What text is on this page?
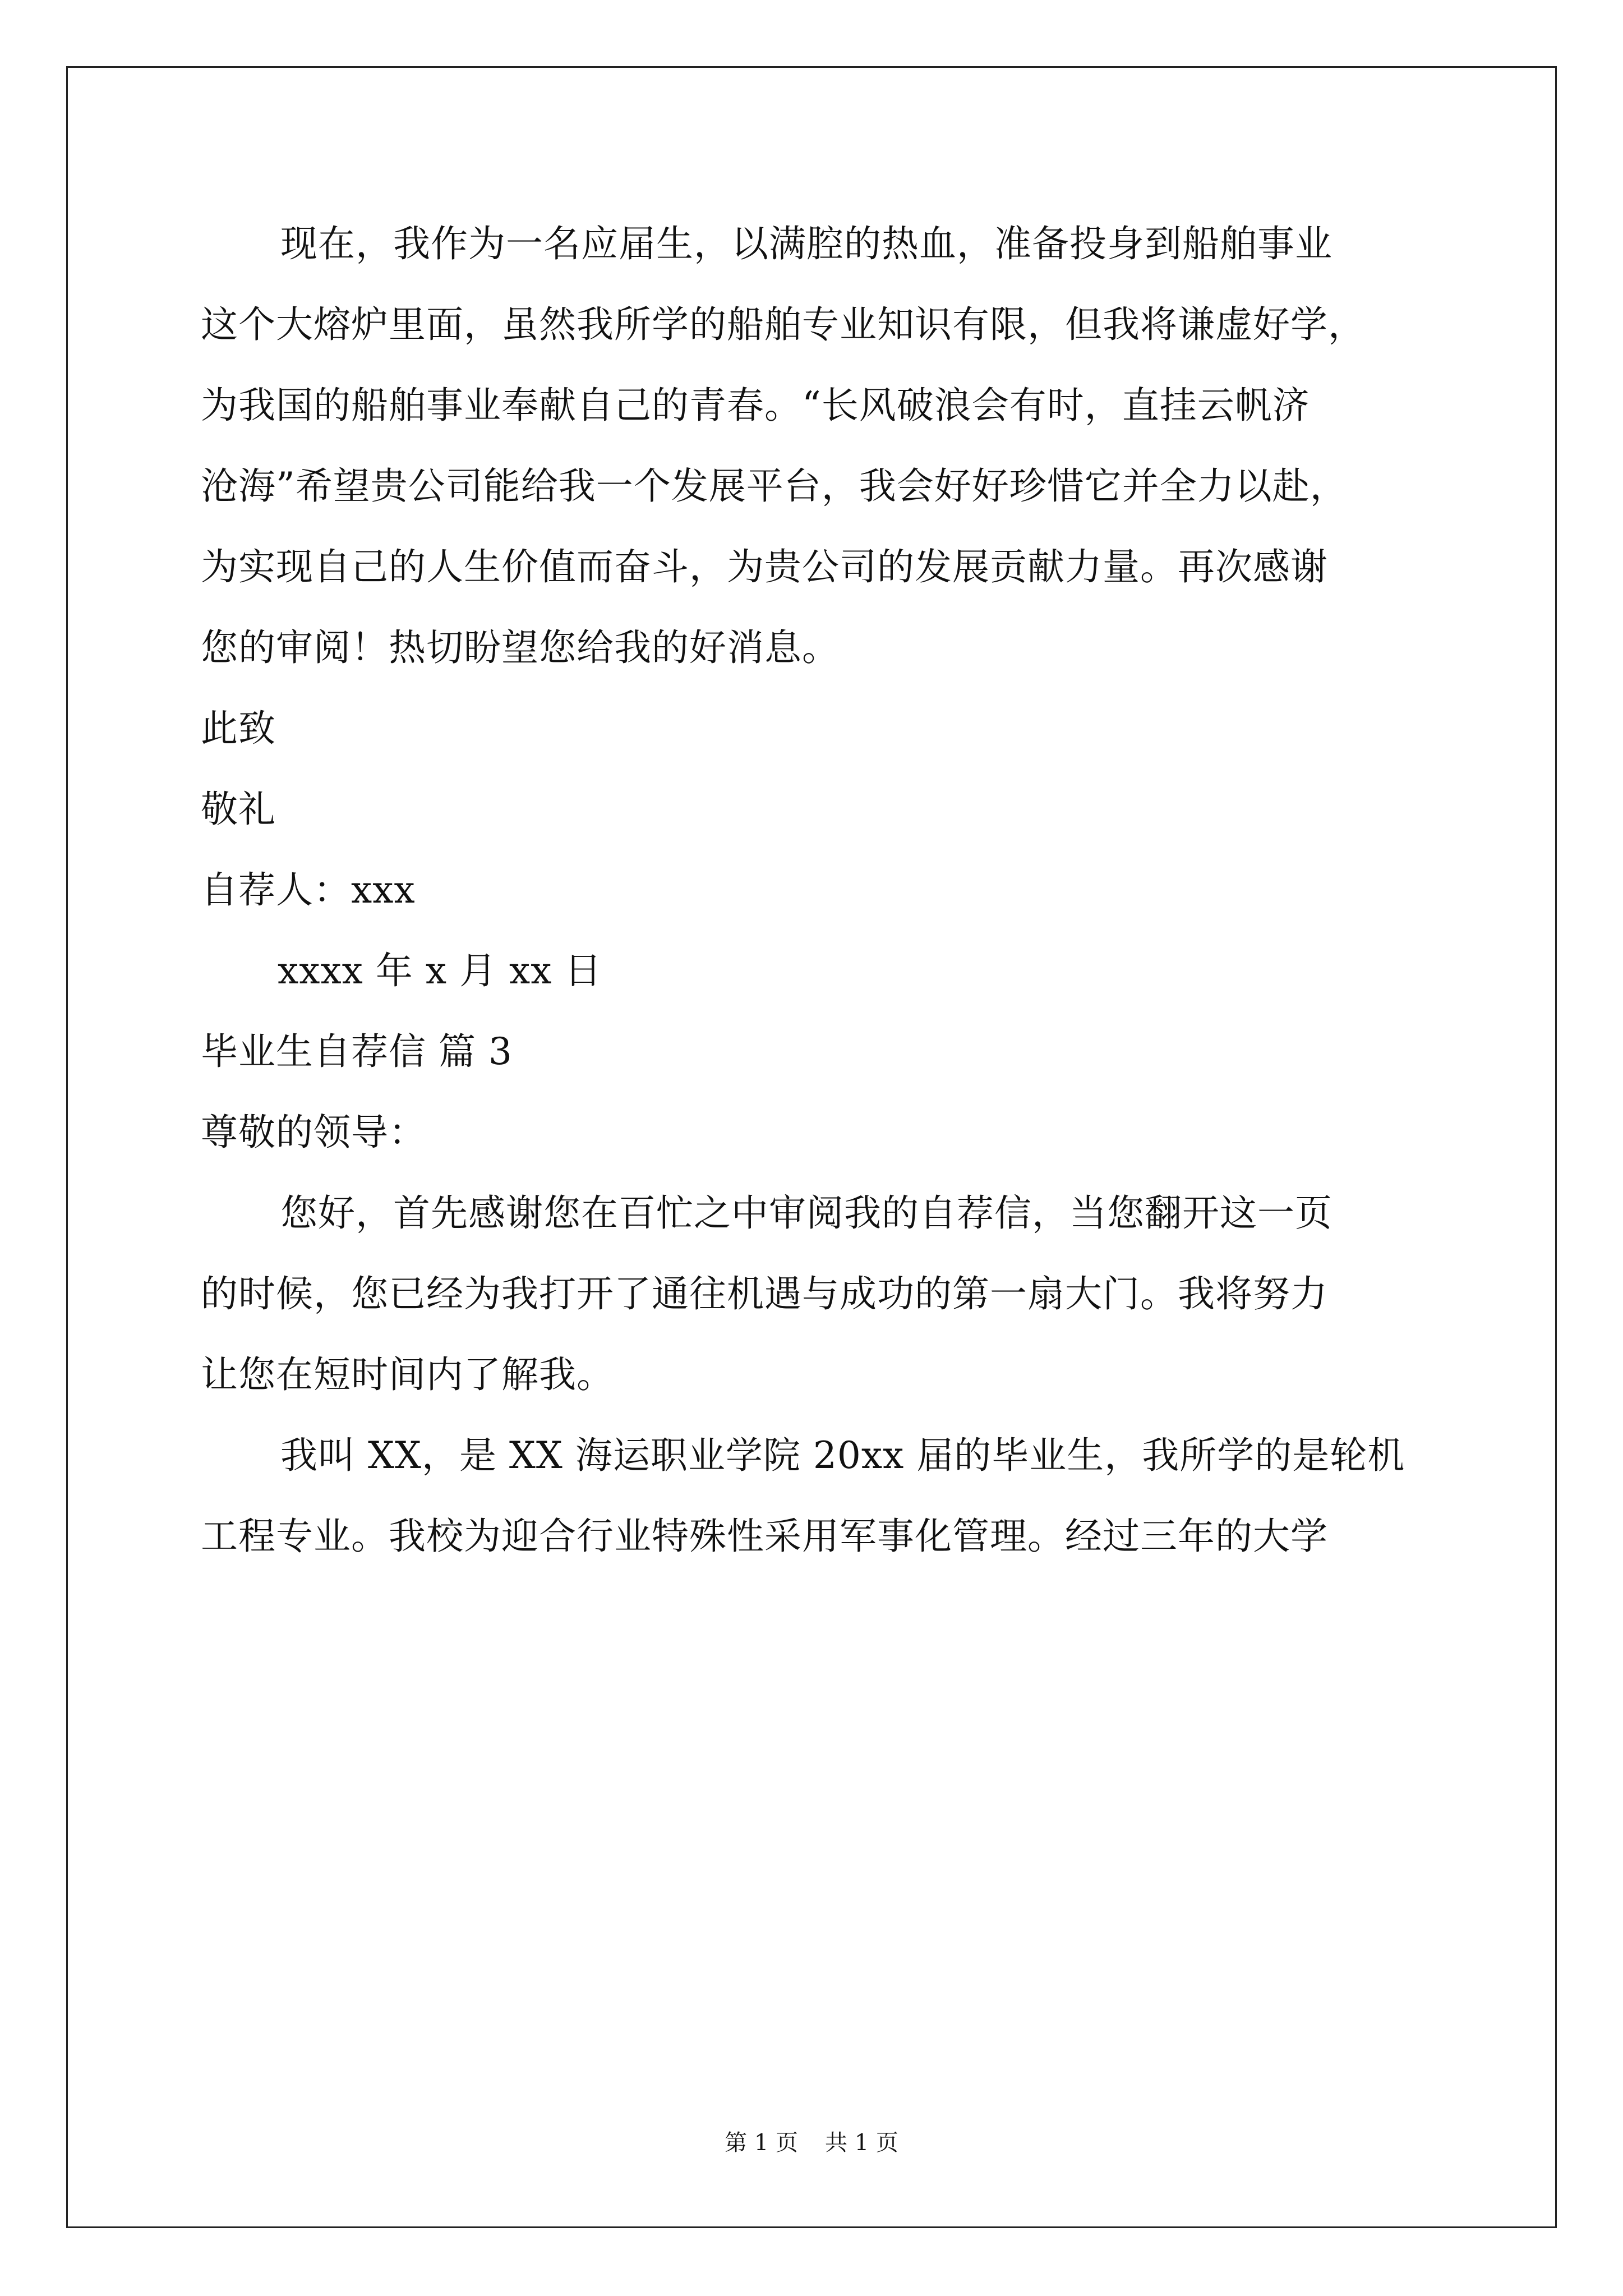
现在，我作为一名应届生，以满腔的热血，准备投身到船舶事业
这个大熔炉里面，虽然我所学的船舶专业知识有限，但我将谦虚好学，
为我国的船舶事业奉献自己的青春。“长风破浪会有时，直挂云帆济
沧海”希望贵公司能给我一个发展平台，我会好好珍惜它并全力以赴，
为实现自己的人生价值而奋斗，为贵公司的发展贡献力量。再次感谢
您的审阅！热切盼望您给我的好消息。
此致
敬礼
自荐人：xxx
xxxx 年 x 月 xx 日
毕业生自荐信 篇 3
尊敬的领导：
您好，首先感谢您在百忙之中审阅我的自荐信，当您翻开这一页
的时候，您已经为我打开了通往机遇与成功的第一扇大门。我将努力
让您在短时间内了解我。
我叫 XX，是 XX 海运职业学院 20xx 届的毕业生，我所学的是轮机
工程专业。我校为迎合行业特殊性采用军事化管理。经过三年的大学
第 1 页 共 1 页
